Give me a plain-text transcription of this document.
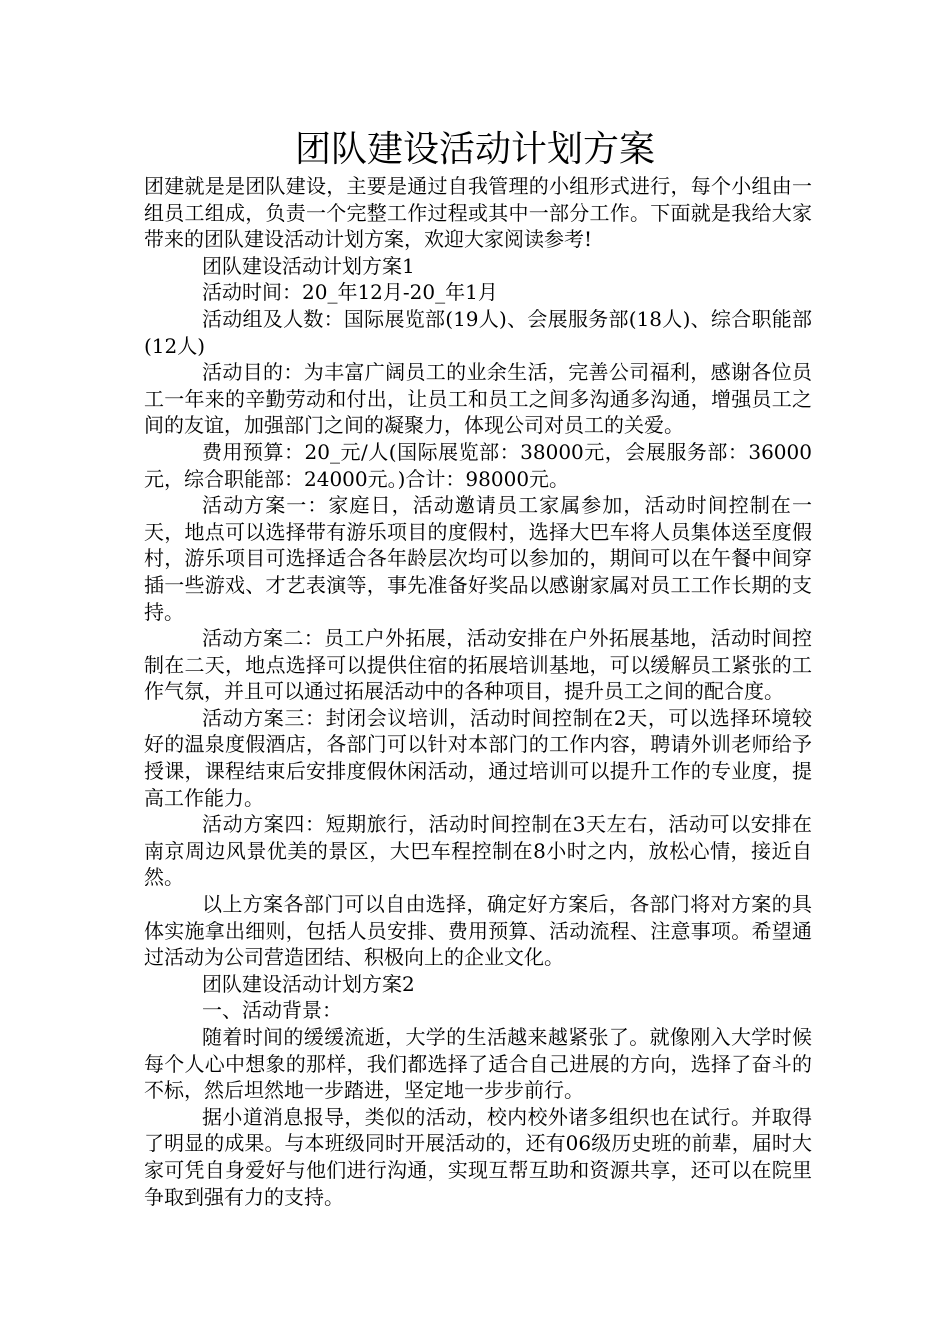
团队建设活动计划方案

团建就是是团队建设，主要是通过自我管理的小组形式进行，每个小组由一组员工组成，负责一个完整工作过程或其中一部分工作。下面就是我给大家带来的团队建设活动计划方案，欢迎大家阅读参考!

团队建设活动计划方案1

活动时间：20_年12月-20_年1月

活动组及人数：国际展览部(19人)、会展服务部(18人)、综合职能部(12人)

活动目的：为丰富广阔员工的业余生活，完善公司福利，感谢各位员工一年来的辛勤劳动和付出，让员工和员工之间多沟通多沟通，增强员工之间的友谊，加强部门之间的凝聚力，体现公司对员工的关爱。

费用预算：20_元/人(国际展览部：38000元，会展服务部：36000元，综合职能部：24000元。)合计：98000元。

活动方案一：家庭日，活动邀请员工家属参加，活动时间控制在一天，地点可以选择带有游乐项目的度假村，选择大巴车将人员集体送至度假村，游乐项目可选择适合各年龄层次均可以参加的，期间可以在午餐中间穿插一些游戏、才艺表演等，事先准备好奖品以感谢家属对员工工作长期的支持。

活动方案二：员工户外拓展，活动安排在户外拓展基地，活动时间控制在二天，地点选择可以提供住宿的拓展培训基地，可以缓解员工紧张的工作气氛，并且可以通过拓展活动中的各种项目，提升员工之间的配合度。

活动方案三：封闭会议培训，活动时间控制在2天，可以选择环境较好的温泉度假酒店，各部门可以针对本部门的工作内容，聘请外训老师给予授课，课程结束后安排度假休闲活动，通过培训可以提升工作的专业度，提高工作能力。

活动方案四：短期旅行，活动时间控制在3天左右，活动可以安排在南京周边风景优美的景区，大巴车程控制在8小时之内，放松心情，接近自然。

以上方案各部门可以自由选择，确定好方案后，各部门将对方案的具体实施拿出细则，包括人员安排、费用预算、活动流程、注意事项。希望通过活动为公司营造团结、积极向上的企业文化。

团队建设活动计划方案2

一、活动背景：

随着时间的缓缓流逝，大学的生活越来越紧张了。就像刚入大学时候每个人心中想象的那样，我们都选择了适合自己进展的方向，选择了奋斗的不标，然后坦然地一步踏进，坚定地一步步前行。

据小道消息报导，类似的活动，校内校外诸多组织也在试行。并取得了明显的成果。与本班级同时开展活动的，还有06级历史班的前辈，届时大家可凭自身爱好与他们进行沟通，实现互帮互助和资源共享，还可以在院里争取到强有力的支持。
